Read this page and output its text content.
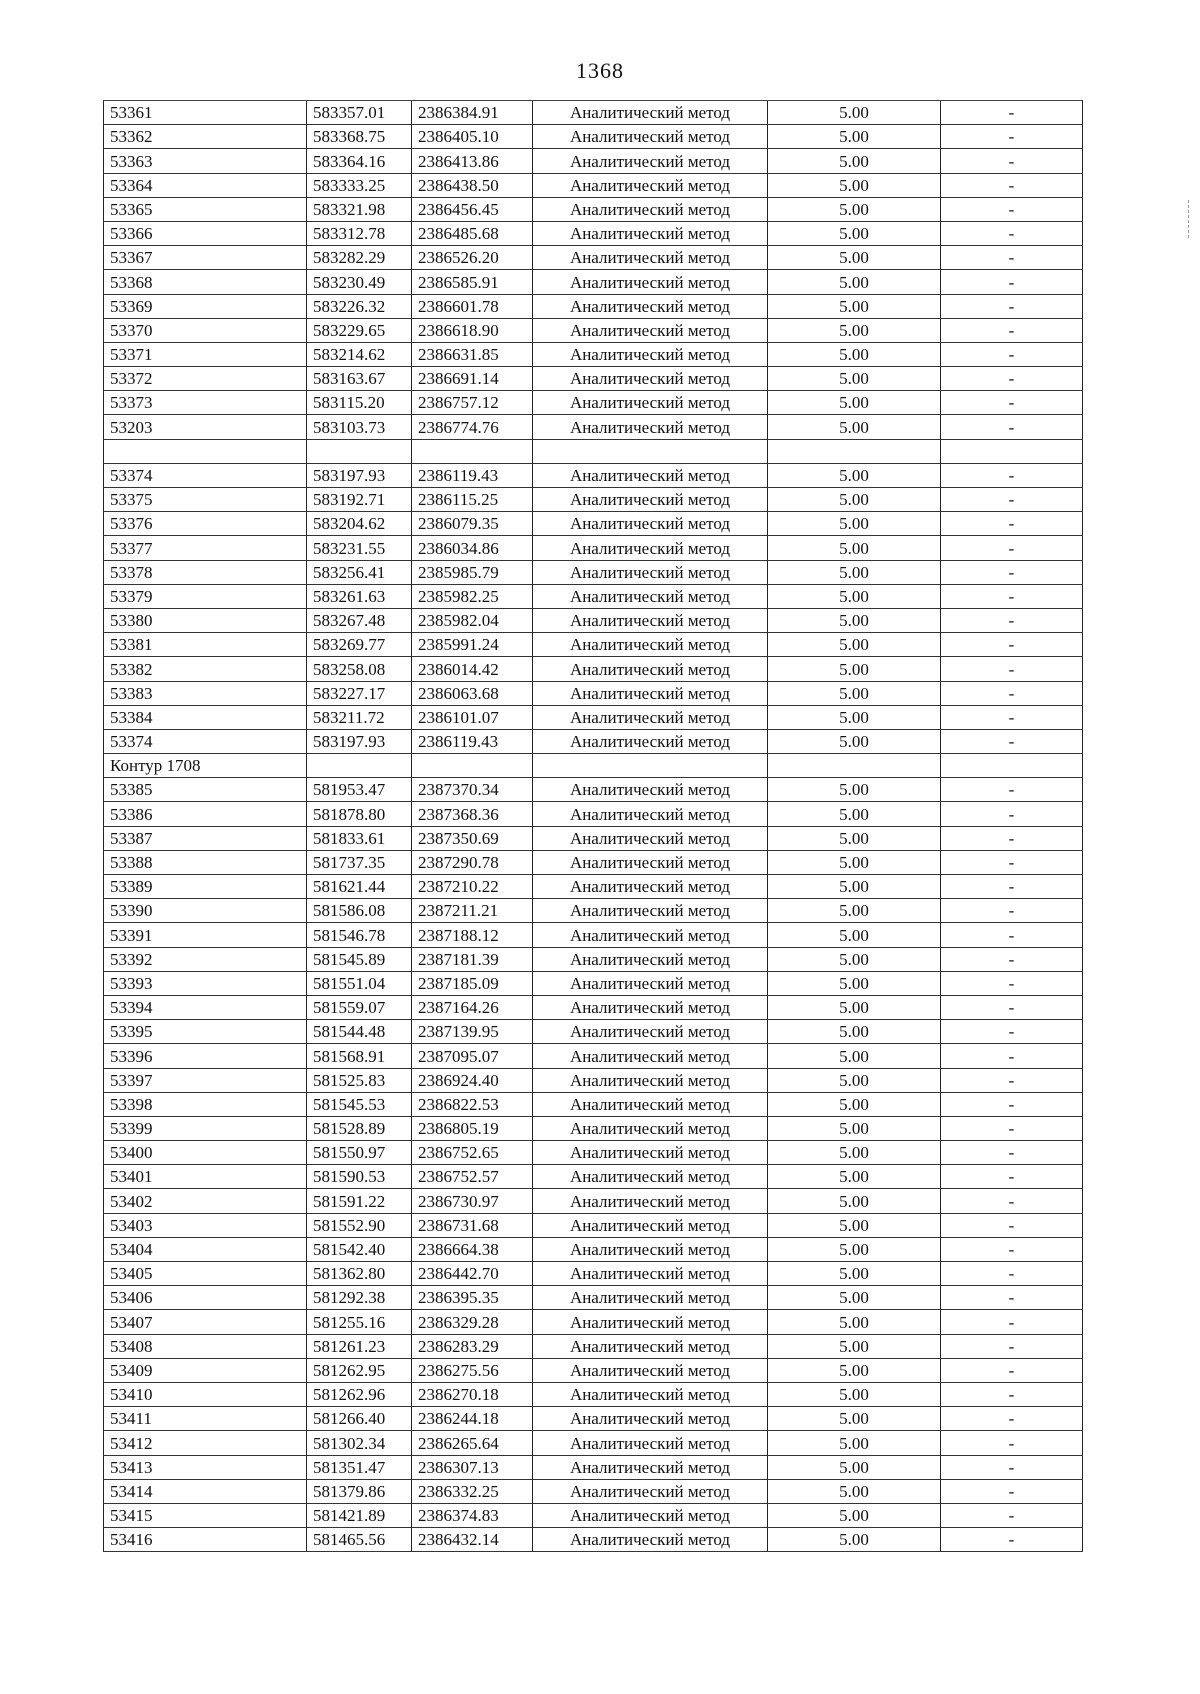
1368
53361	583357.01	2386384.91	Аналитический метод	5.00	-
53362	583368.75	2386405.10	Аналитический метод	5.00	-
53363	583364.16	2386413.86	Аналитический метод	5.00	-
53364	583333.25	2386438.50	Аналитический метод	5.00	-
53365	583321.98	2386456.45	Аналитический метод	5.00	-
53366	583312.78	2386485.68	Аналитический метод	5.00	-
53367	583282.29	2386526.20	Аналитический метод	5.00	-
53368	583230.49	2386585.91	Аналитический метод	5.00	-
53369	583226.32	2386601.78	Аналитический метод	5.00	-
53370	583229.65	2386618.90	Аналитический метод	5.00	-
53371	583214.62	2386631.85	Аналитический метод	5.00	-
53372	583163.67	2386691.14	Аналитический метод	5.00	-
53373	583115.20	2386757.12	Аналитический метод	5.00	-
53203	583103.73	2386774.76	Аналитический метод	5.00	-

53374	583197.93	2386119.43	Аналитический метод	5.00	-
53375	583192.71	2386115.25	Аналитический метод	5.00	-
53376	583204.62	2386079.35	Аналитический метод	5.00	-
53377	583231.55	2386034.86	Аналитический метод	5.00	-
53378	583256.41	2385985.79	Аналитический метод	5.00	-
53379	583261.63	2385982.25	Аналитический метод	5.00	-
53380	583267.48	2385982.04	Аналитический метод	5.00	-
53381	583269.77	2385991.24	Аналитический метод	5.00	-
53382	583258.08	2386014.42	Аналитический метод	5.00	-
53383	583227.17	2386063.68	Аналитический метод	5.00	-
53384	583211.72	2386101.07	Аналитический метод	5.00	-
53374	583197.93	2386119.43	Аналитический метод	5.00	-
Контур 1708					
53385	581953.47	2387370.34	Аналитический метод	5.00	-
53386	581878.80	2387368.36	Аналитический метод	5.00	-
53387	581833.61	2387350.69	Аналитический метод	5.00	-
53388	581737.35	2387290.78	Аналитический метод	5.00	-
53389	581621.44	2387210.22	Аналитический метод	5.00	-
53390	581586.08	2387211.21	Аналитический метод	5.00	-
53391	581546.78	2387188.12	Аналитический метод	5.00	-
53392	581545.89	2387181.39	Аналитический метод	5.00	-
53393	581551.04	2387185.09	Аналитический метод	5.00	-
53394	581559.07	2387164.26	Аналитический метод	5.00	-
53395	581544.48	2387139.95	Аналитический метод	5.00	-
53396	581568.91	2387095.07	Аналитический метод	5.00	-
53397	581525.83	2386924.40	Аналитический метод	5.00	-
53398	581545.53	2386822.53	Аналитический метод	5.00	-
53399	581528.89	2386805.19	Аналитический метод	5.00	-
53400	581550.97	2386752.65	Аналитический метод	5.00	-
53401	581590.53	2386752.57	Аналитический метод	5.00	-
53402	581591.22	2386730.97	Аналитический метод	5.00	-
53403	581552.90	2386731.68	Аналитический метод	5.00	-
53404	581542.40	2386664.38	Аналитический метод	5.00	-
53405	581362.80	2386442.70	Аналитический метод	5.00	-
53406	581292.38	2386395.35	Аналитический метод	5.00	-
53407	581255.16	2386329.28	Аналитический метод	5.00	-
53408	581261.23	2386283.29	Аналитический метод	5.00	-
53409	581262.95	2386275.56	Аналитический метод	5.00	-
53410	581262.96	2386270.18	Аналитический метод	5.00	-
53411	581266.40	2386244.18	Аналитический метод	5.00	-
53412	581302.34	2386265.64	Аналитический метод	5.00	-
53413	581351.47	2386307.13	Аналитический метод	5.00	-
53414	581379.86	2386332.25	Аналитический метод	5.00	-
53415	581421.89	2386374.83	Аналитический метод	5.00	-
53416	581465.56	2386432.14	Аналитический метод	5.00	-
